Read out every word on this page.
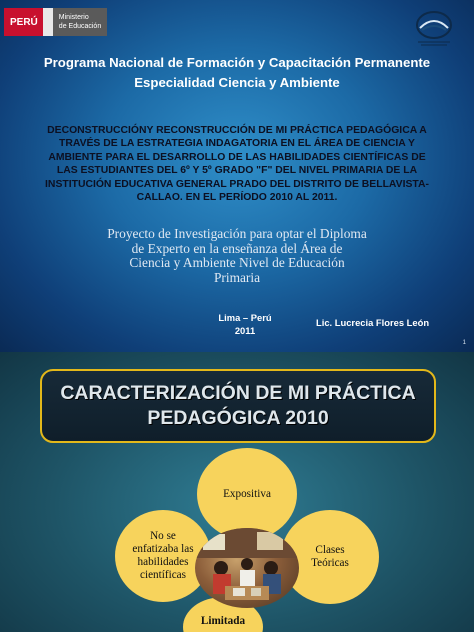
PERÚ	Ministerio
de Educación
Programa Nacional de Formación y Capacitación Permanente
Especialidad Ciencia y Ambiente
DECONSTRUCCIÓNY RECONSTRUCCIÓN DE MI PRÁCTICA PEDAGÓGICA A
TRAVÉS DE LA ESTRATEGIA INDAGATORIA EN EL ÁREA DE CIENCIA Y
AMBIENTE PARA EL DESARROLLO DE LAS HABILIDADES CIENTÍFICAS DE
LAS ESTUDIANTES DEL 6º Y 5º GRADO "F" DEL NIVEL PRIMARIA DE LA
INSTITUCIÓN EDUCATIVA GENERAL PRADO DEL DISTRITO DE BELLAVISTA-
CALLAO. EN EL PERÍODO 2010 AL 2011.
Proyecto de Investigación para optar el Diploma
de Experto en la enseñanza del Área de
Ciencia y Ambiente Nivel de Educación
Primaria
Lima – Perú
2011
Lic. Lucrecia Flores León
1
CARACTERIZACIÓN DE MI PRÁCTICA
PEDAGÓGICA 2010
Expositiva
No se
enfatizaba las
habilidades
científicas
Clases
Teóricas
Limitada
